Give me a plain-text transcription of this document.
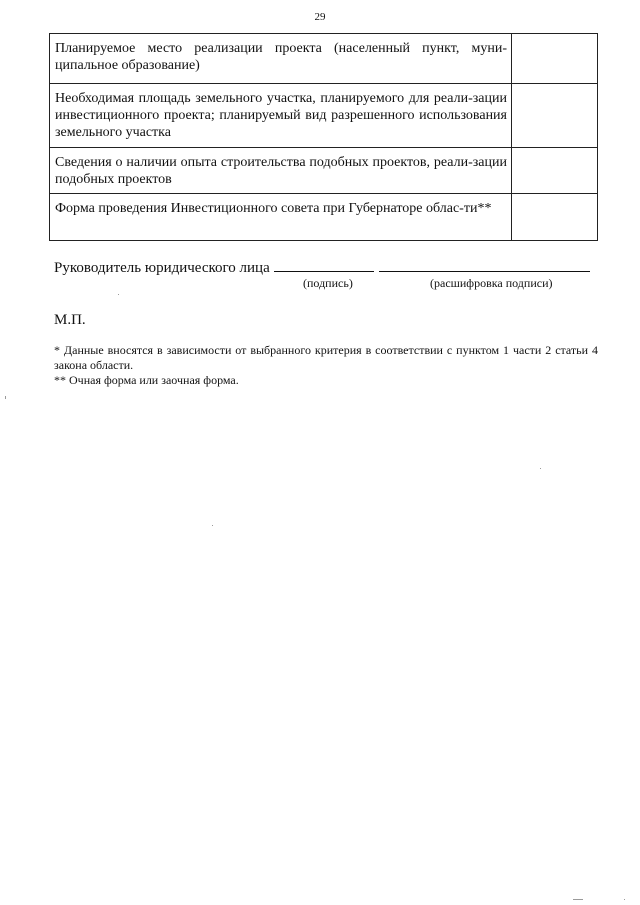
29
Планируемое место реализации проекта (населенный пункт, муни-ципальное образование)	
Необходимая площадь земельного участка, планируемого для реали-зации инвестиционного проекта; планируемый вид разрешенного использования земельного участка	
Сведения о наличии опыта строительства подобных проектов, реали-зации подобных проектов	
Форма проведения Инвестиционного совета при Губернаторе облас-ти**	
Руководитель юридического лица
(подпись)	(расшифровка подписи)
М.П.

* Данные вносятся в зависимости от выбранного критерия в соответствии с пунктом 1 части 2 статьи 4 закона области.

** Очная форма или заочная форма.
